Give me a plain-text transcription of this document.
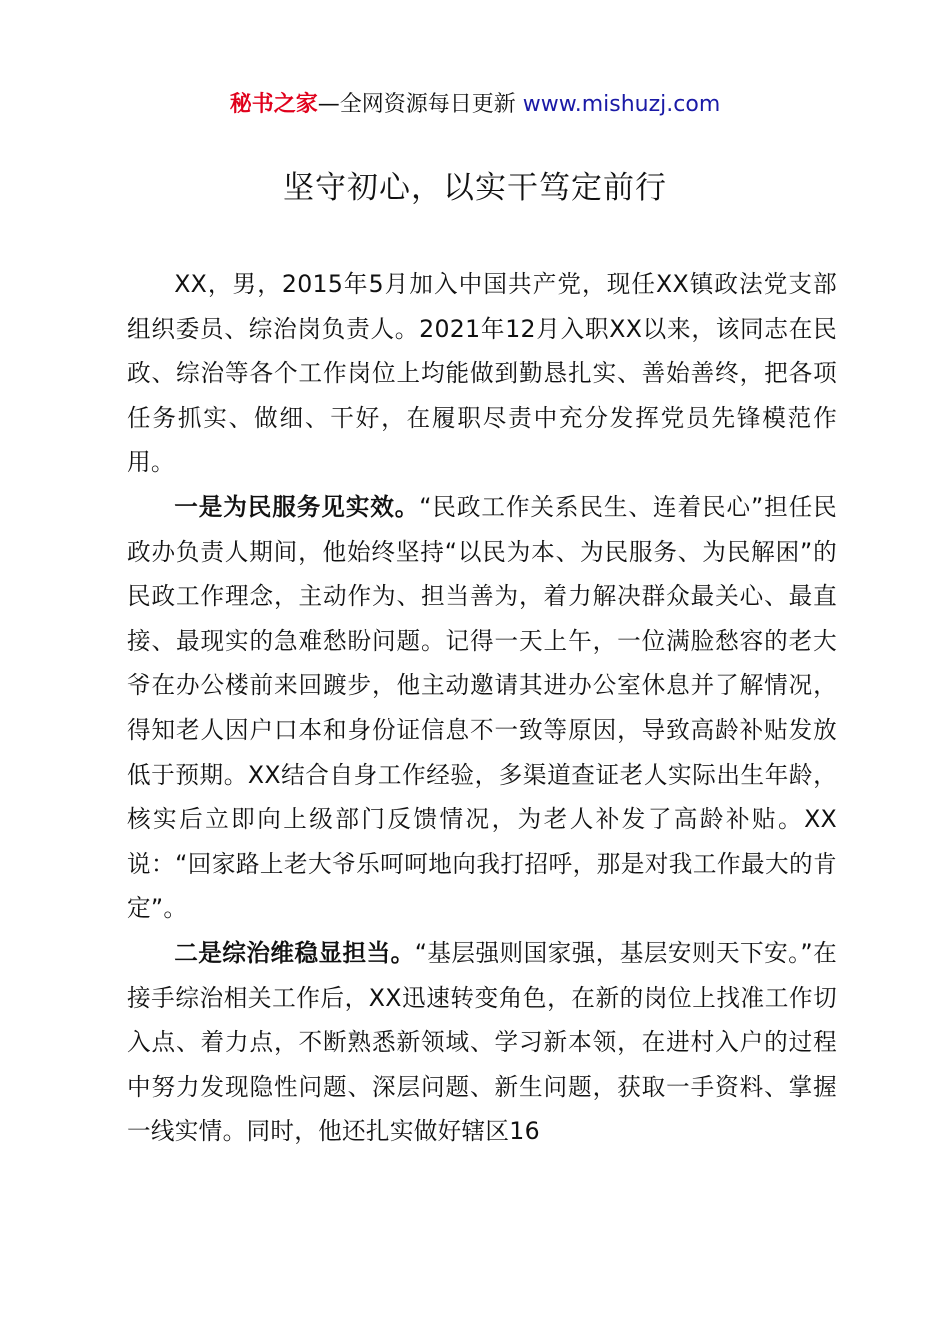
秘书之家—全网资源每日更新 www.mishuzj.com
坚守初心，以实干笃定前行

XX，男，2015年5月加入中国共产党，现任XX镇政法党支部组织委员、综治岗负责人。2021年12月入职XX以来，该同志在民政、综治等各个工作岗位上均能做到勤恳扎实、善始善终，把各项任务抓实、做细、干好，在履职尽责中充分发挥党员先锋模范作用。

一是为民服务见实效。“民政工作关系民生、连着民心”担任民政办负责人期间，他始终坚持“以民为本、为民服务、为民解困”的民政工作理念，主动作为、担当善为，着力解决群众最关心、最直接、最现实的急难愁盼问题。记得一天上午，一位满脸愁容的老大爷在办公楼前来回踱步，他主动邀请其进办公室休息并了解情况，得知老人因户口本和身份证信息不一致等原因，导致高龄补贴发放低于预期。XX结合自身工作经验，多渠道查证老人实际出生年龄，核实后立即向上级部门反馈情况，为老人补发了高龄补贴。XX说：“回家路上老大爷乐呵呵地向我打招呼，那是对我工作最大的肯定”。

二是综治维稳显担当。“基层强则国家强，基层安则天下安。”在接手综治相关工作后，XX迅速转变角色，在新的岗位上找准工作切入点、着力点，不断熟悉新领域、学习新本领，在进村入户的过程中努力发现隐性问题、深层问题、新生问题，获取一手资料、掌握一线实情。同时，他还扎实做好辖区16
